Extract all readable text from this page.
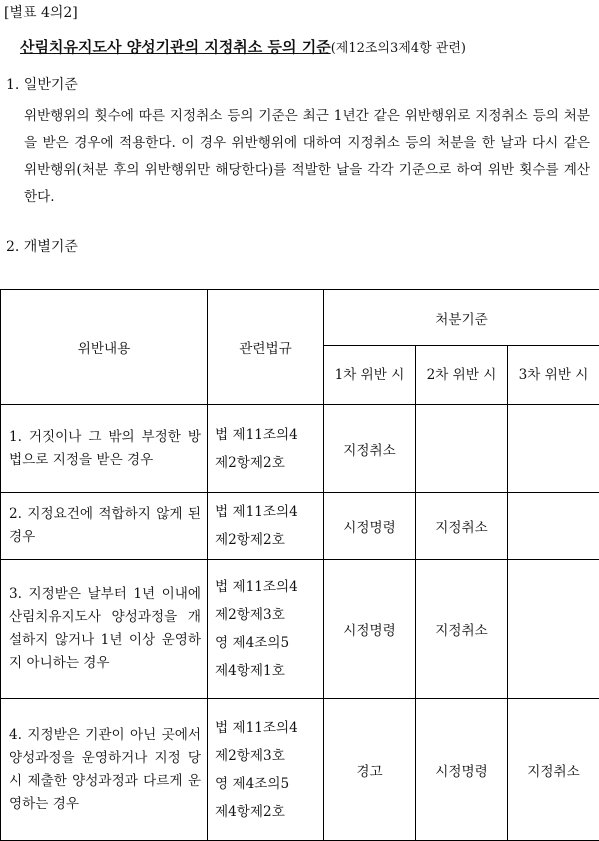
[별표 4의2]
산림치유지도사 양성기관의 지정취소 등의 기준(제12조의3제4항 관련)
1. 일반기준
위반행위의 횟수에 따른 지정취소 등의 기준은 최근 1년간 같은 위반행위로 지정취소 등의 처분을 받은 경우에 적용한다. 이 경우 위반행위에 대하여 지정취소 등의 처분을 한 날과 다시 같은 위반행위(처분 후의 위반행위만 해당한다)를 적발한 날을 각각 기준으로 하여 위반 횟수를 계산한다.
2. 개별기준
위반내용	관련법규	처분기준		
		1차 위반 시	2차 위반 시	3차 위반 시
1. 거짓이나 그 밖의 부정한 방법으로 지정을 받은 경우	법 제11조의4
제2항제2호	지정취소		
2. 지정요건에 적합하지 않게 된 경우	법 제11조의4
제2항제2호	시정명령	지정취소	
3. 지정받은 날부터 1년 이내에 산림치유지도사 양성과정을 개설하지 않거나 1년 이상 운영하지 아니하는 경우	법 제11조의4
제2항제3호
영 제4조의5
제4항제1호	시정명령	지정취소	
4. 지정받은 기관이 아닌 곳에서 양성과정을 운영하거나 지정 당시 제출한 양성과정과 다르게 운영하는 경우	법 제11조의4
제2항제3호
영 제4조의5
제4항제2호	경고	시정명령	지정취소
